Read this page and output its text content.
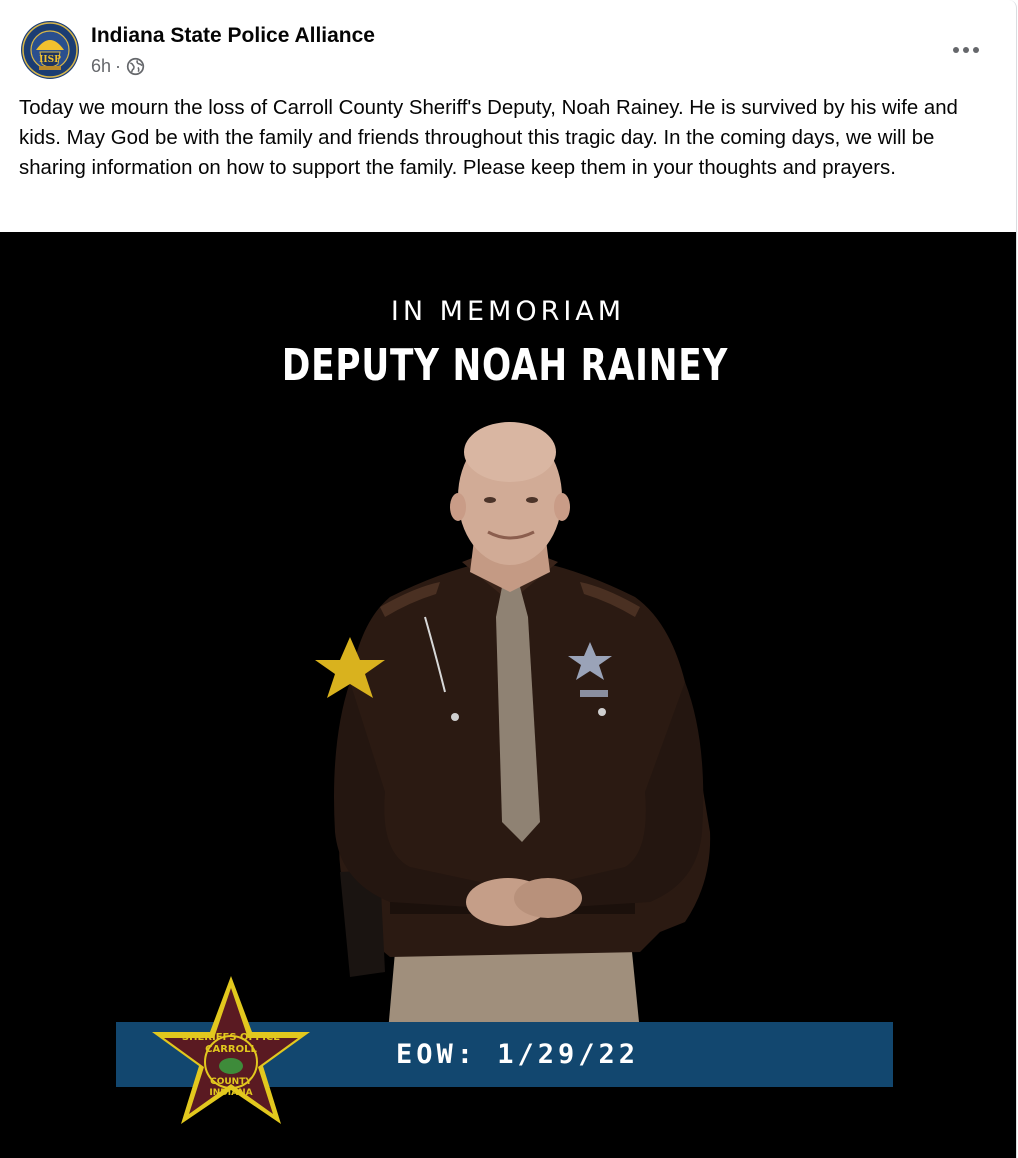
IISP
Indiana State Police Alliance
6h ·

Today we mourn the loss of Carroll County Sheriff's Deputy, Noah Rainey. He is survived by his wife and kids. May God be with the family and friends throughout this tragic day. In the coming days, we will be sharing information on how to support the family. Please keep them in your thoughts and prayers.

IN MEMORIAM
DEPUTY NOAH RAINEY
EOW: 1/29/22
SHERIFFS OFFICE
CARROLL
COUNTY
INDIANA
